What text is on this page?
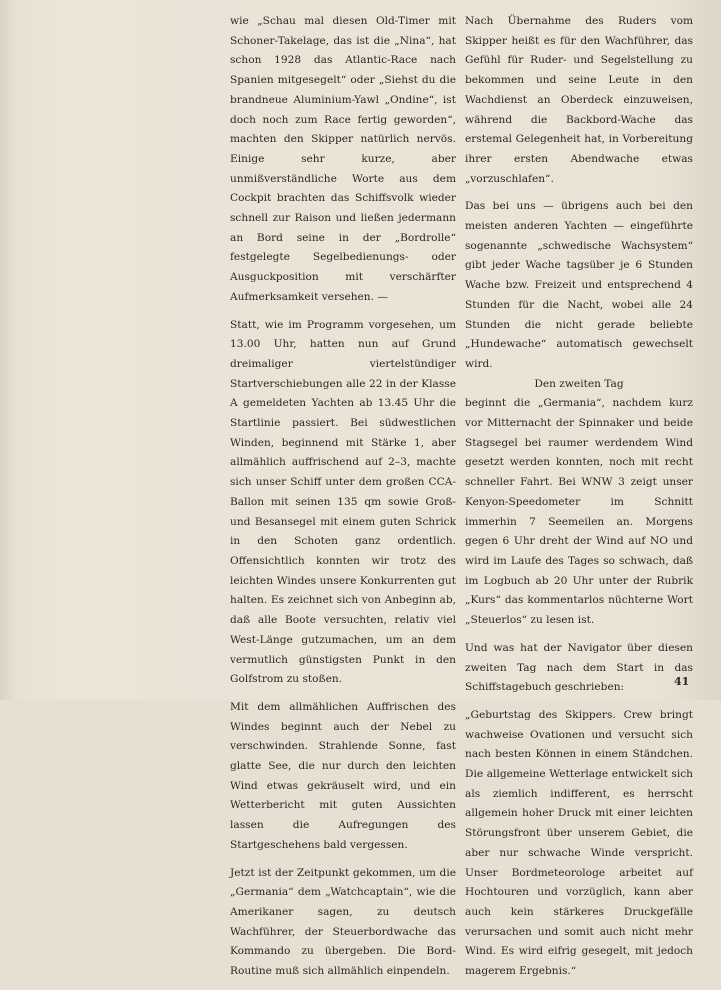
wie „Schau mal diesen Old-Timer mit Schoner-Takelage, das ist die „Nina“, hat schon 1928 das Atlantic-Race nach Spanien mitgesegelt“ oder „Siehst du die brandneue Aluminium-Yawl „Ondine“, ist doch noch zum Race fertig geworden“, machten den Skipper natürlich nervös. Einige sehr kurze, aber unmißverständliche Worte aus dem Cockpit brachten das Schiffsvolk wieder schnell zur Raison und ließen jedermann an Bord seine in der „Bordrolle“ festgelegte Segelbedienungs- oder Ausguckposition mit verschärfter Aufmerksamkeit versehen. —

Statt, wie im Programm vorgesehen, um 13.00 Uhr, hatten nun auf Grund dreimaliger viertelstündiger Startverschiebungen alle 22 in der Klasse A gemeldeten Yachten ab 13.45 Uhr die Startlinie passiert. Bei südwestlichen Winden, beginnend mit Stärke 1, aber allmählich auffrischend auf 2–3, machte sich unser Schiff unter dem großen CCA-Ballon mit seinen 135 qm sowie Groß- und Besansegel mit einem guten Schrick in den Schoten ganz ordentlich. Offensichtlich konnten wir trotz des leichten Windes unsere Konkurrenten gut halten. Es zeichnet sich von Anbeginn ab, daß alle Boote versuchten, relativ viel West-Länge gutzumachen, um an dem vermutlich günstigsten Punkt in den Golfstrom zu stoßen.

Mit dem allmählichen Auffrischen des Windes beginnt auch der Nebel zu verschwinden. Strahlende Sonne, fast glatte See, die nur durch den leichten Wind etwas gekräuselt wird, und ein Wetterbericht mit guten Aussichten lassen die Aufregungen des Startgeschehens bald vergessen.

Jetzt ist der Zeitpunkt gekommen, um die „Germania“ dem „Watchcaptain“, wie die Amerikaner sagen, zu deutsch Wachführer, der Steuerbordwache das Kommando zu übergeben. Die Bord-Routine muß sich allmählich einpendeln.

Nach Übernahme des Ruders vom Skipper heißt es für den Wachführer, das Gefühl für Ruder- und Segelstellung zu bekommen und seine Leute in den Wachdienst an Oberdeck einzuweisen, während die Backbord-Wache das erstemal Gelegenheit hat, in Vorbereitung ihrer ersten Abendwache etwas „vorzuschlafen“.

Das bei uns — übrigens auch bei den meisten anderen Yachten — eingeführte sogenannte „schwedische Wachsystem“ gibt jeder Wache tagsüber je 6 Stunden Wache bzw. Freizeit und entsprechend 4 Stunden für die Nacht, wobei alle 24 Stunden die nicht gerade beliebte „Hundewache“ automatisch gewechselt wird.

Den zweiten Tag

beginnt die „Germania“, nachdem kurz vor Mitternacht der Spinnaker und beide Stagsegel bei raumer werdendem Wind gesetzt werden konnten, noch mit recht schneller Fahrt. Bei WNW 3 zeigt unser Kenyon-Speedometer im Schnitt immerhin 7 Seemeilen an. Morgens gegen 6 Uhr dreht der Wind auf NO und wird im Laufe des Tages so schwach, daß im Logbuch ab 20 Uhr unter der Rubrik „Kurs“ das kommentarlos nüchterne Wort „Steuerlos“ zu lesen ist.

Und was hat der Navigator über diesen zweiten Tag nach dem Start in das Schiffstagebuch geschrieben:

„Geburtstag des Skippers. Crew bringt wachweise Ovationen und versucht sich nach besten Können in einem Ständchen. Die allgemeine Wetterlage entwickelt sich als ziemlich indifferent, es herrscht allgemein hoher Druck mit einer leichten Störungsfront über unserem Gebiet, die aber nur schwache Winde verspricht. Unser Bordmeteorologe arbeitet auf Hochtouren und vorzüglich, kann aber auch kein stärkeres Druckgefälle verursachen und somit auch nicht mehr Wind. Es wird eifrig gesegelt, mit jedoch magerem Ergebnis.“

41
